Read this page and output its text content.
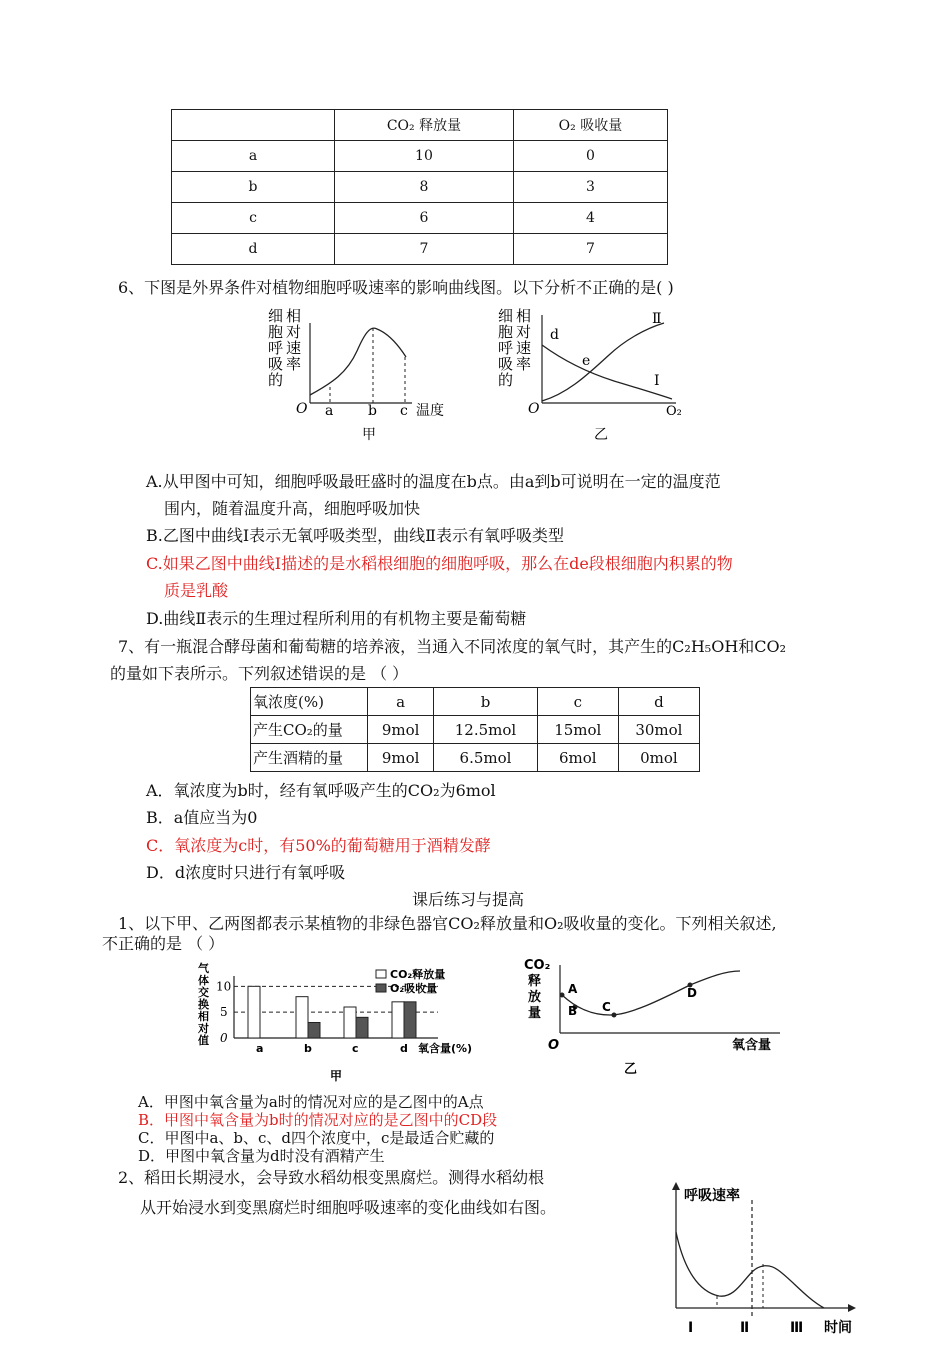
	CO₂ 释放量	O₂ 吸收量
a	10	0
b	8	3
c	6	4
d	7	7
6、下图是外界条件对植物细胞呼吸速率的影响曲线图。以下分析不正确的是( )
细胞呼吸的
相对速率
O a b c 温度
甲
细胞呼吸的
相对速率
O	O₂
d
e
Ⅱ
Ⅰ
乙
A.从甲图中可知，细胞呼吸最旺盛时的温度在b点。由a到b可说明在一定的温度范
围内，随着温度升高，细胞呼吸加快
B.乙图中曲线Ⅰ表示无氧呼吸类型，曲线Ⅱ表示有氧呼吸类型
C.如果乙图中曲线Ⅰ描述的是水稻根细胞的细胞呼吸，那么在de段根细胞内积累的物
质是乳酸
D.曲线Ⅱ表示的生理过程所利用的有机物主要是葡萄糖
7、有一瓶混合酵母菌和葡萄糖的培养液，当通入不同浓度的氧气时，其产生的C₂H₅OH和CO₂
的量如下表所示。下列叙述错误的是 （ ）
氧浓度(%)	a	b	c	d
产生CO₂的量	9mol	12.5mol	15mol	30mol
产生酒精的量	9mol	6.5mol	6mol	0mol
A．氧浓度为b时，经有氧呼吸产生的CO₂为6mol
B．a值应当为0
C．氧浓度为c时，有50%的葡萄糖用于酒精发酵
D．d浓度时只进行有氧呼吸
课后练习与提高
1、以下甲、乙两图都表示某植物的非绿色器官CO₂释放量和O₂吸收量的变化。下列相关叙述,
不正确的是 （ ）
气体交换相对值
10
5
0
a	b	c	d
CO₂释放量
O₂吸收量
氧含量(%)
甲
CO₂ 释放量
A
B C
D
O	氧含量
乙
A．甲图中氧含量为a时的情况对应的是乙图中的A点
B．甲图中氧含量为b时的情况对应的是乙图中的CD段
C．甲图中a、b、c、d四个浓度中，c是最适合贮藏的
D．甲图中氧含量为d时没有酒精产生
2、稻田长期浸水，会导致水稻幼根变黑腐烂。测得水稻幼根
从开始浸水到变黑腐烂时细胞呼吸速率的变化曲线如右图。
呼吸速率
Ⅰ	Ⅱ	Ⅲ 时间
